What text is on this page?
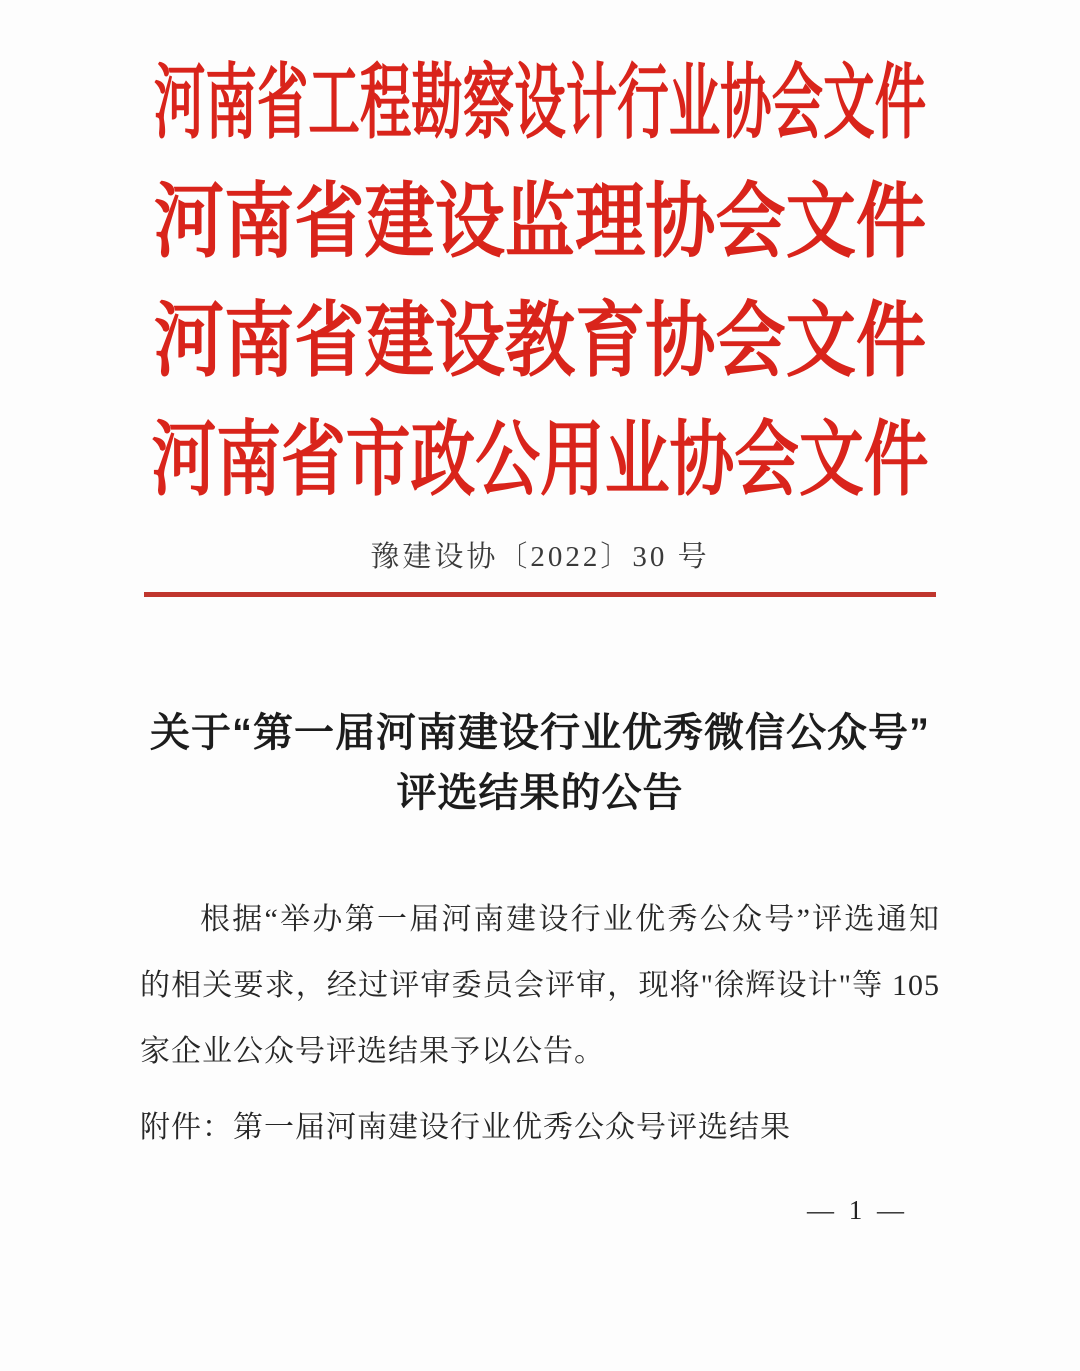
河南省工程勘察设计行业协会文件
河南省建设监理协会文件
河南省建设教育协会文件
河南省市政公用业协会文件
豫建设协〔2022〕30 号
关于“第一届河南建设行业优秀微信公众号”
评选结果的公告

根据“举办第一届河南建设行业优秀公众号”评选通知的相关要求，经过评审委员会评审，现将"徐辉设计"等 105 家企业公众号评选结果予以公告。

附件：第一届河南建设行业优秀公众号评选结果

— 1 —
